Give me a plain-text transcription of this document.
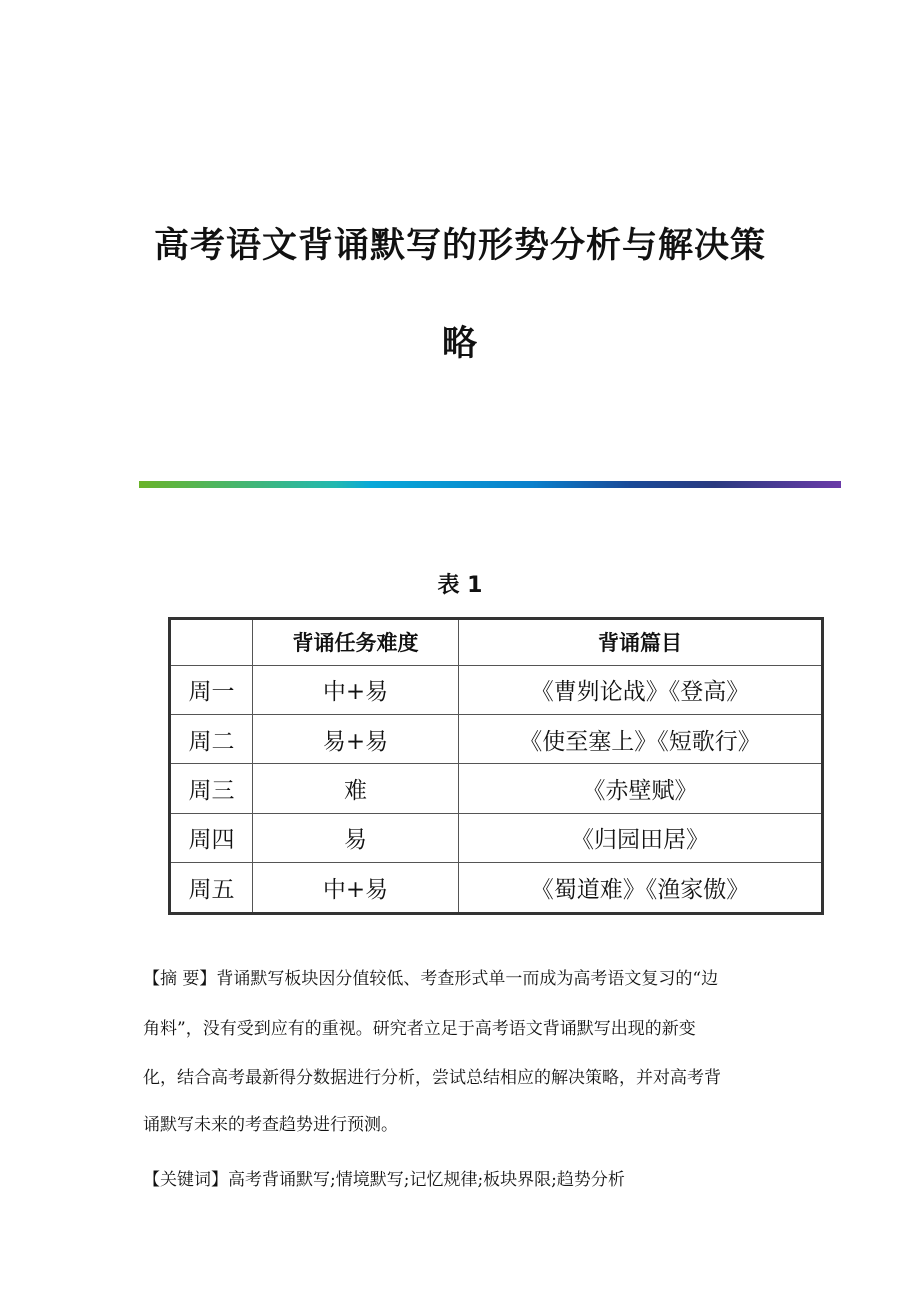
高考语文背诵默写的形势分析与解决策
略
表 1
	背诵任务难度	背诵篇目
周一	中+易	《曹刿论战》《登高》
周二	易+易	《使至塞上》《短歌行》
周三	难	《赤壁赋》
周四	易	《归园田居》
周五	中+易	《蜀道难》《渔家傲》
【摘 要】背诵默写板块因分值较低、考查形式单一而成为高考语文复习的“边
角料”，没有受到应有的重视。研究者立足于高考语文背诵默写出现的新变
化，结合高考最新得分数据进行分析，尝试总结相应的解决策略，并对高考背
诵默写未来的考查趋势进行预测。
【关键词】高考背诵默写;情境默写;记忆规律;板块界限;趋势分析
